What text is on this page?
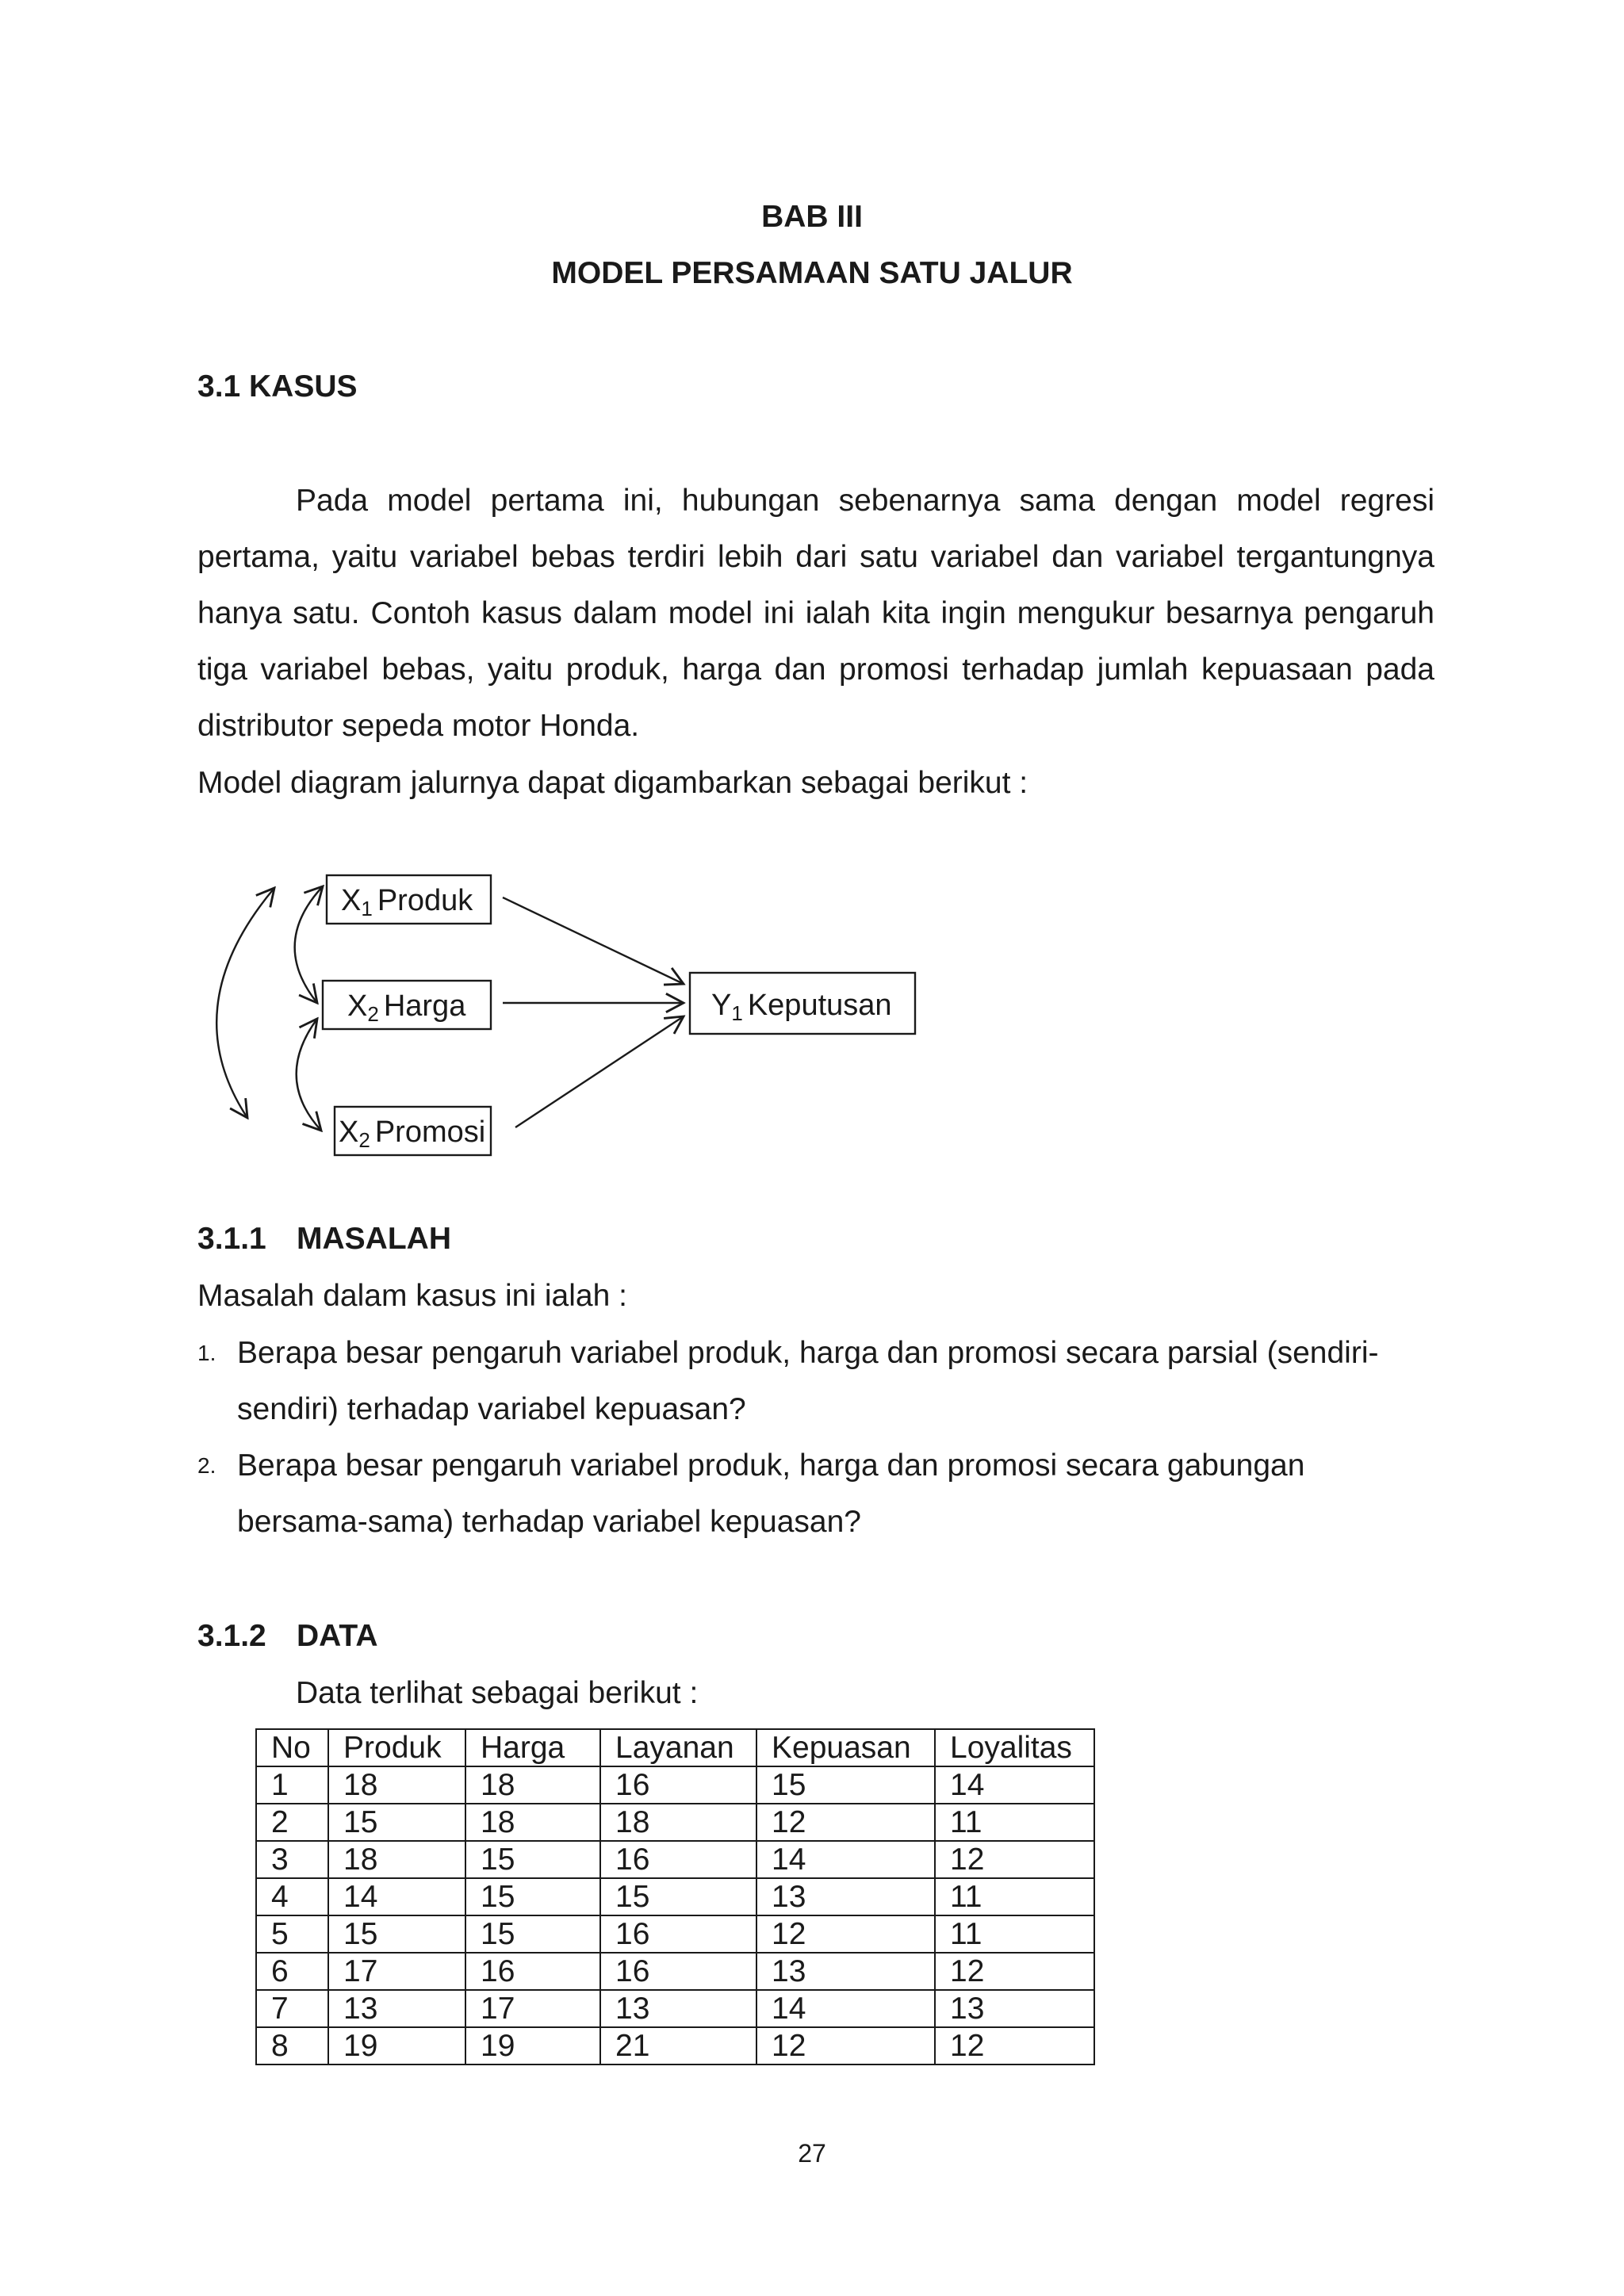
BAB III
MODEL PERSAMAAN SATU JALUR
3.1 KASUS
Pada model pertama ini, hubungan sebenarnya sama dengan model regresi pertama, yaitu variabel bebas terdiri lebih dari satu variabel dan variabel tergantungnya hanya satu. Contoh kasus dalam model ini ialah kita ingin mengukur besarnya pengaruh tiga variabel bebas, yaitu produk, harga dan promosi terhadap jumlah kepuasaan pada distributor sepeda motor Honda.
Model diagram jalurnya dapat digambarkan sebagai berikut :
X1 Produk
X2 Harga
X2 Promosi
Y1 Keputusan
3.1.1 MASALAH
Masalah dalam kasus ini ialah :
1. Berapa besar pengaruh variabel produk, harga dan promosi secara parsial (sendiri-sendiri) terhadap variabel kepuasan?
2. Berapa besar pengaruh variabel produk, harga dan promosi secara gabungan bersama-sama) terhadap variabel kepuasan?
3.1.2 DATA
Data terlihat sebagai berikut :
No	Produk	Harga	Layanan	Kepuasan	Loyalitas
1	18	18	16	15	14
2	15	18	18	12	11
3	18	15	16	14	12
4	14	15	15	13	11
5	15	15	16	12	11
6	17	16	16	13	12
7	13	17	13	14	13
8	19	19	21	12	12
27
